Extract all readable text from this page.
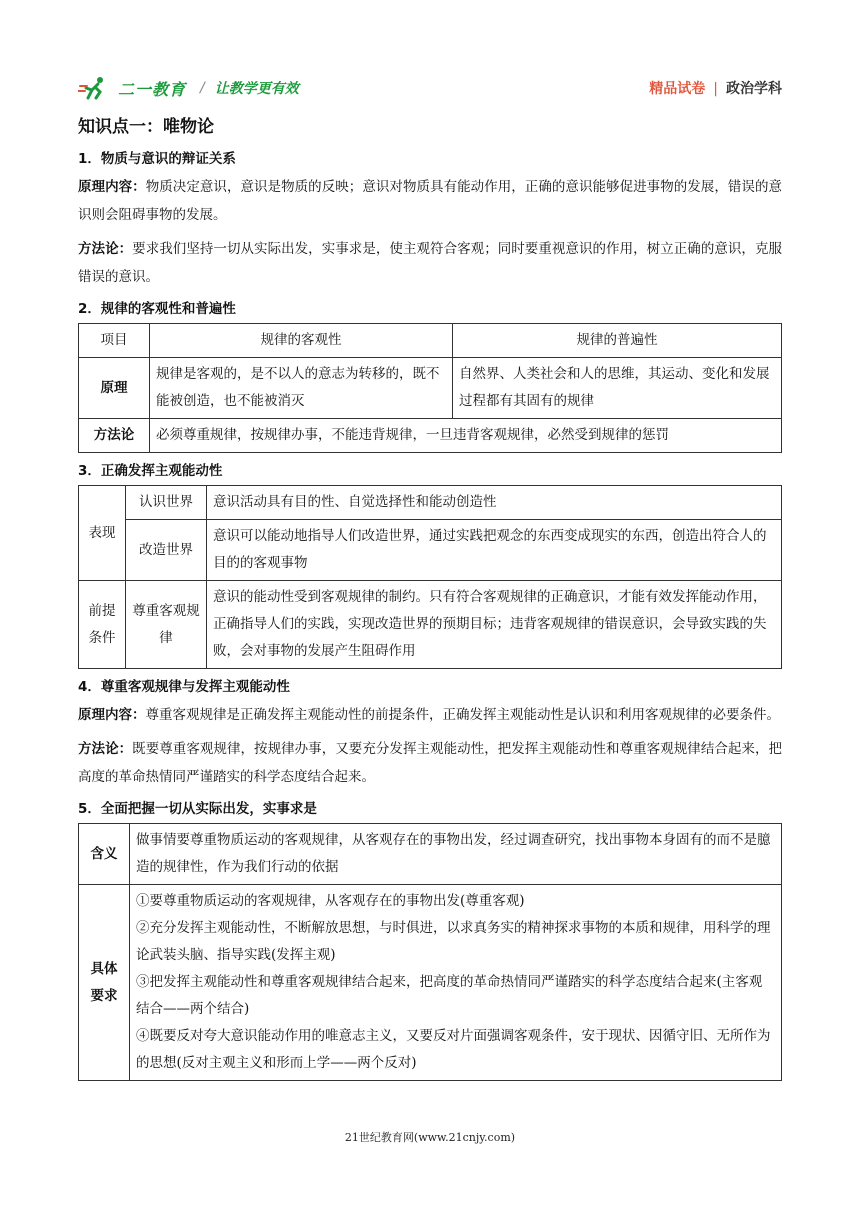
二一教育 / 让教学更有效	精品试卷 | 政治学科
知识点一：唯物论
1．物质与意识的辩证关系

原理内容：物质决定意识，意识是物质的反映；意识对物质具有能动作用，正确的意识能够促进事物的发展，错误的意识则会阻碍事物的发展。

方法论：要求我们坚持一切从实际出发，实事求是，使主观符合客观；同时要重视意识的作用，树立正确的意识，克服错误的意识。

2．规律的客观性和普遍性
项目	规律的客观性	规律的普遍性
原理	规律是客观的，是不以人的意志为转移的，既不能被创造，也不能被消灭	自然界、人类社会和人的思维，其运动、变化和发展过程都有其固有的规律
方法论	必须尊重规律，按规律办事，不能违背规律，一旦违背客观规律，必然受到规律的惩罚	
3．正确发挥主观能动性
表现	认识世界	意识活动具有目的性、自觉选择性和能动创造性
	改造世界	意识可以能动地指导人们改造世界，通过实践把观念的东西变成现实的东西，创造出符合人的目的的客观事物
前提条件	尊重客观规律	意识的能动性受到客观规律的制约。只有符合客观规律的正确意识，才能有效发挥能动作用，正确指导人们的实践，实现改造世界的预期目标；违背客观规律的错误意识，会导致实践的失败，会对事物的发展产生阻碍作用
4．尊重客观规律与发挥主观能动性

原理内容：尊重客观规律是正确发挥主观能动性的前提条件，正确发挥主观能动性是认识和利用客观规律的必要条件。

方法论：既要尊重客观规律，按规律办事，又要充分发挥主观能动性，把发挥主观能动性和尊重客观规律结合起来，把高度的革命热情同严谨踏实的科学态度结合起来。

5．全面把握一切从实际出发，实事求是
含义	做事情要尊重物质运动的客观规律，从客观存在的事物出发，经过调查研究，找出事物本身固有的而不是臆造的规律性，作为我们行动的依据
具体要求	①要尊重物质运动的客观规律，从客观存在的事物出发(尊重客观)
②充分发挥主观能动性，不断解放思想，与时俱进，以求真务实的精神探求事物的本质和规律，用科学的理论武装头脑、指导实践(发挥主观)
③把发挥主观能动性和尊重客观规律结合起来，把高度的革命热情同严谨踏实的科学态度结合起来(主客观结合——两个结合)
④既要反对夸大意识能动作用的唯意志主义，又要反对片面强调客观条件，安于现状、因循守旧、无所作为的思想(反对主观主义和形而上学——两个反对)
21世纪教育网(www.21cnjy.com)
